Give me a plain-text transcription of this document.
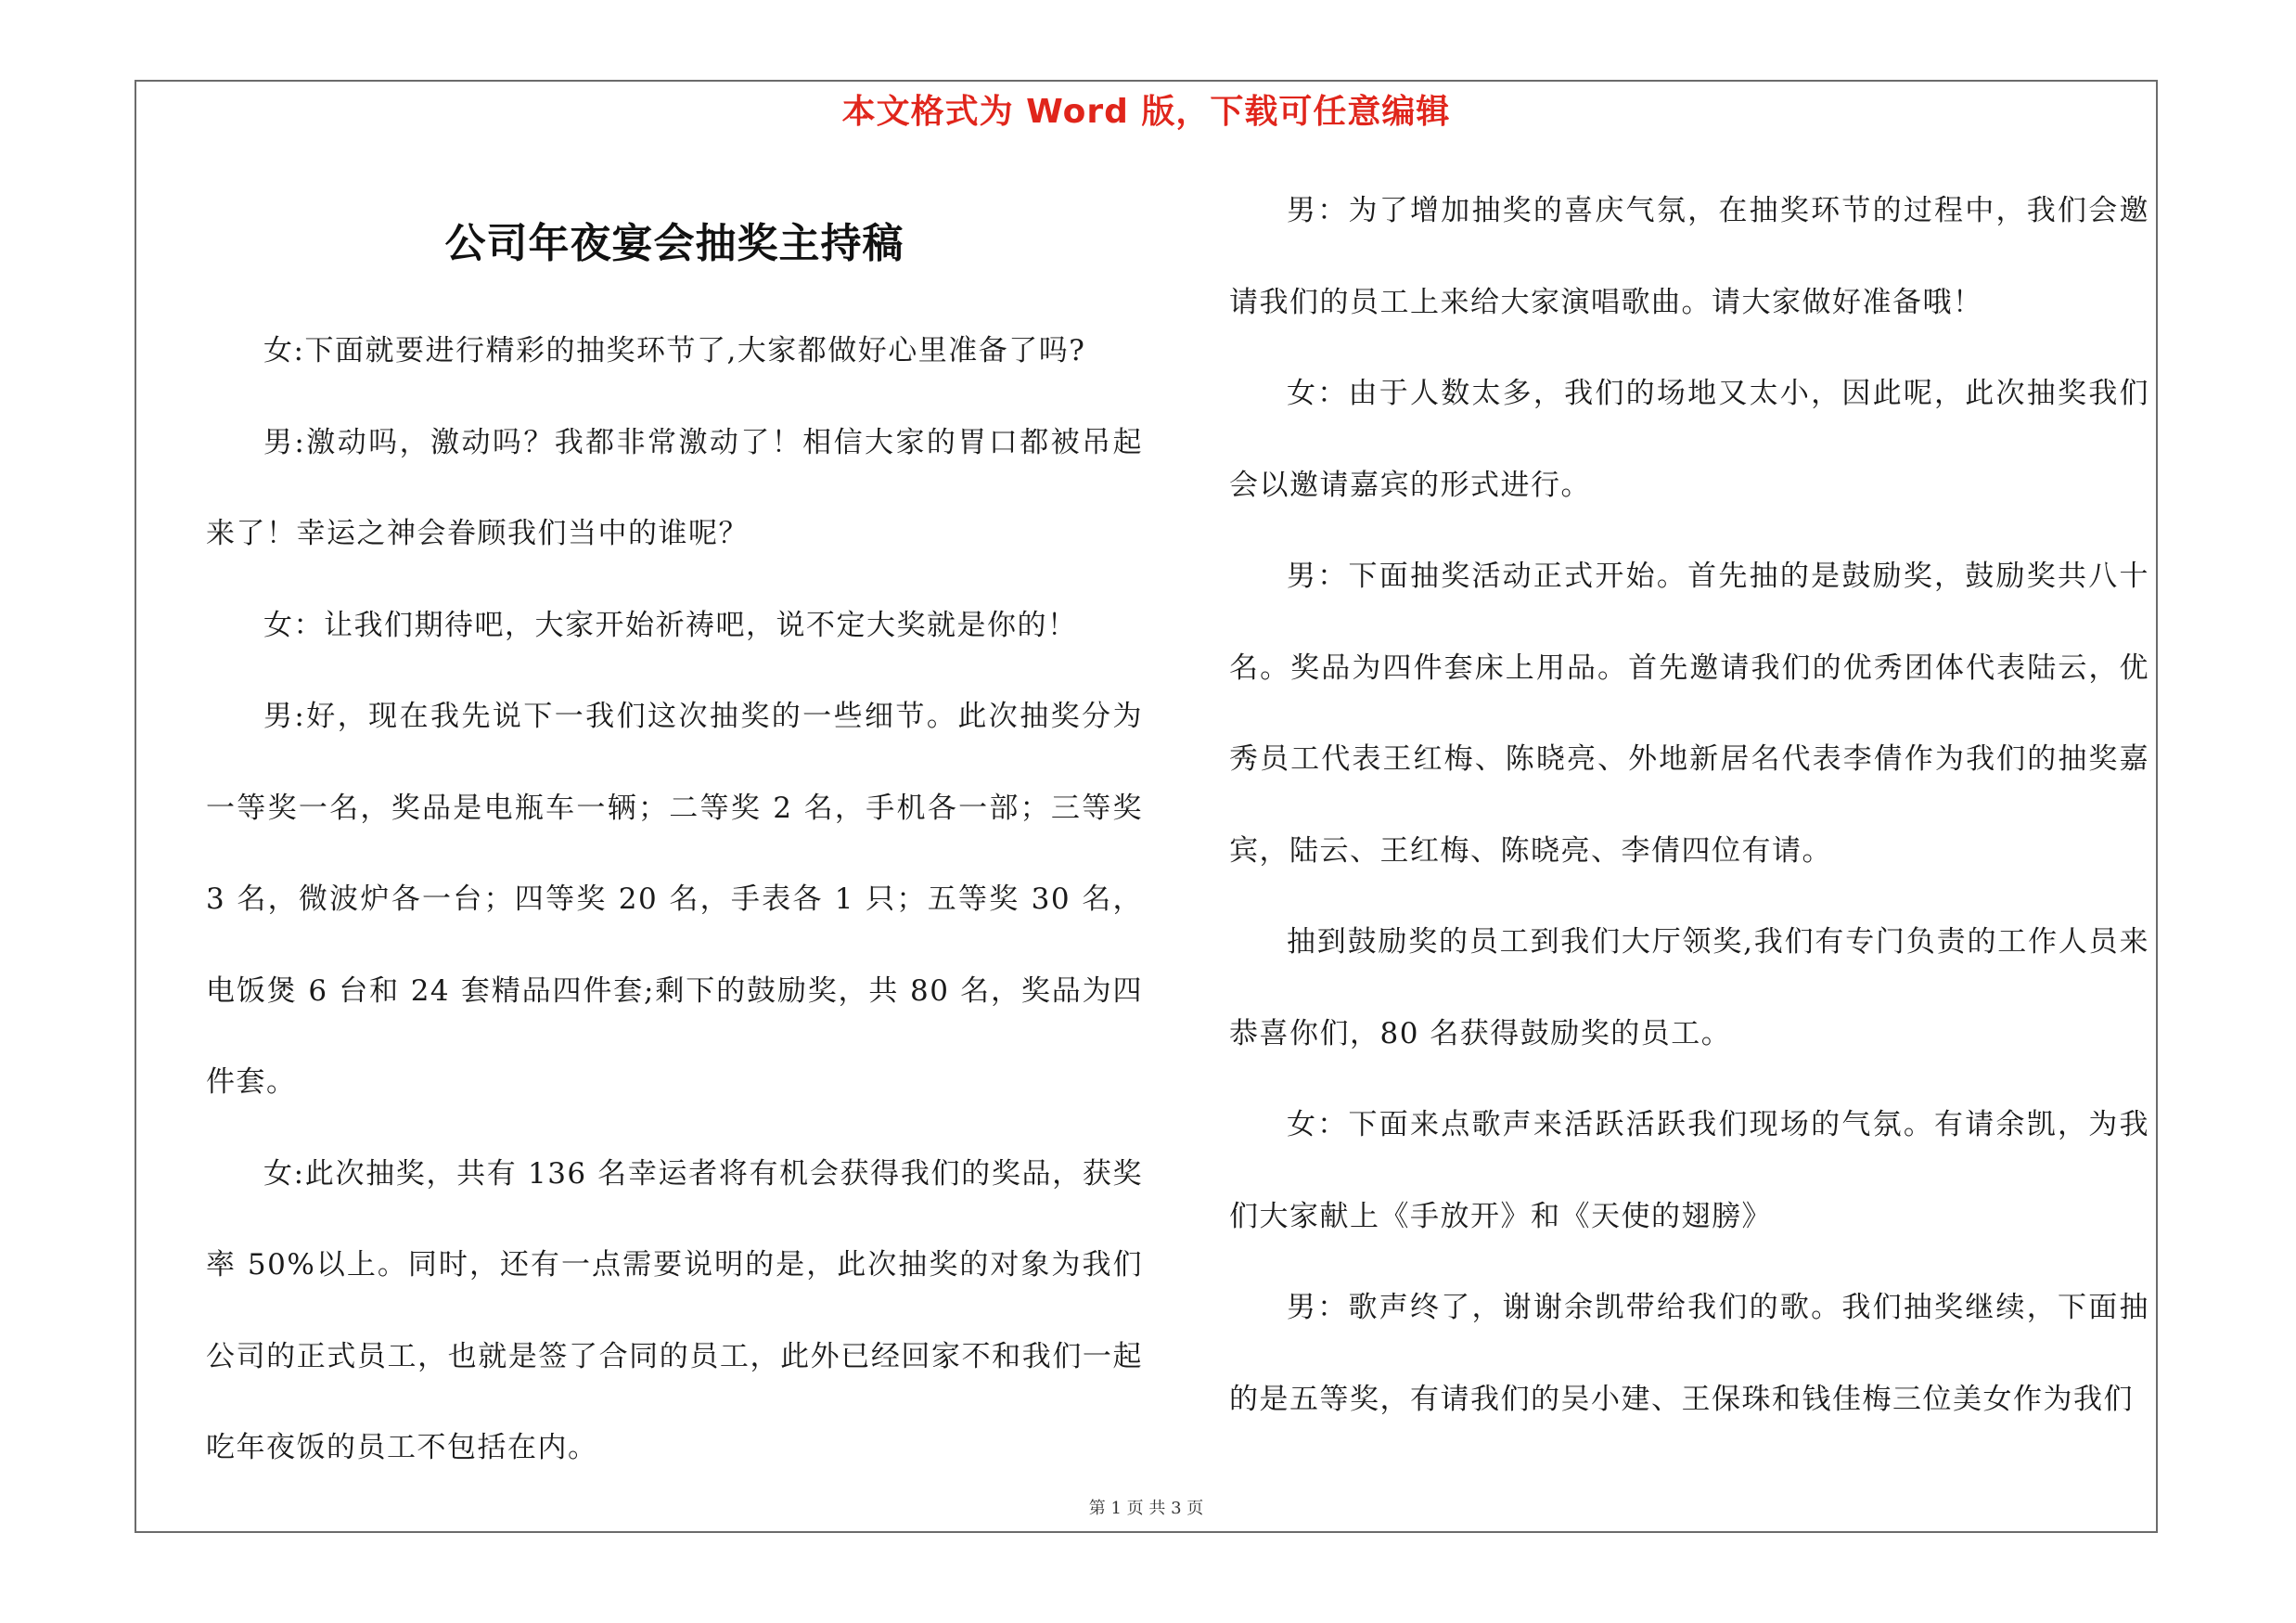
本文格式为 Word 版，下载可任意编辑
公司年夜宴会抽奖主持稿

女:下面就要进行精彩的抽奖环节了,大家都做好心里准备了吗?

男:激动吗，激动吗？我都非常激动了！相信大家的胃口都被吊起来了！幸运之神会眷顾我们当中的谁呢？

女：让我们期待吧，大家开始祈祷吧，说不定大奖就是你的！

男:好，现在我先说下一我们这次抽奖的一些细节。此次抽奖分为一等奖一名，奖品是电瓶车一辆；二等奖 2 名，手机各一部；三等奖 3 名，微波炉各一台；四等奖 20 名，手表各 1 只；五等奖 30 名，电饭煲 6 台和 24 套精品四件套;剩下的鼓励奖，共 80 名，奖品为四件套。

女:此次抽奖，共有 136 名幸运者将有机会获得我们的奖品，获奖率 50%以上。同时，还有一点需要说明的是，此次抽奖的对象为我们公司的正式员工，也就是签了合同的员工，此外已经回家不和我们一起吃年夜饭的员工不包括在内。

男：为了增加抽奖的喜庆气氛，在抽奖环节的过程中，我们会邀请我们的员工上来给大家演唱歌曲。请大家做好准备哦！

女：由于人数太多，我们的场地又太小，因此呢，此次抽奖我们会以邀请嘉宾的形式进行。

男：下面抽奖活动正式开始。首先抽的是鼓励奖，鼓励奖共八十名。奖品为四件套床上用品。首先邀请我们的优秀团体代表陆云，优秀员工代表王红梅、陈晓亮、外地新居名代表李倩作为我们的抽奖嘉宾，陆云、王红梅、陈晓亮、李倩四位有请。

抽到鼓励奖的员工到我们大厅领奖,我们有专门负责的工作人员来恭喜你们，80 名获得鼓励奖的员工。

女：下面来点歌声来活跃活跃我们现场的气氛。有请余凯，为我们大家献上《手放开》和《天使的翅膀》

男：歌声终了，谢谢余凯带给我们的歌。我们抽奖继续，下面抽的是五等奖，有请我们的吴小建、王保珠和钱佳梅三位美女作为我们

第 1 页 共 3 页
